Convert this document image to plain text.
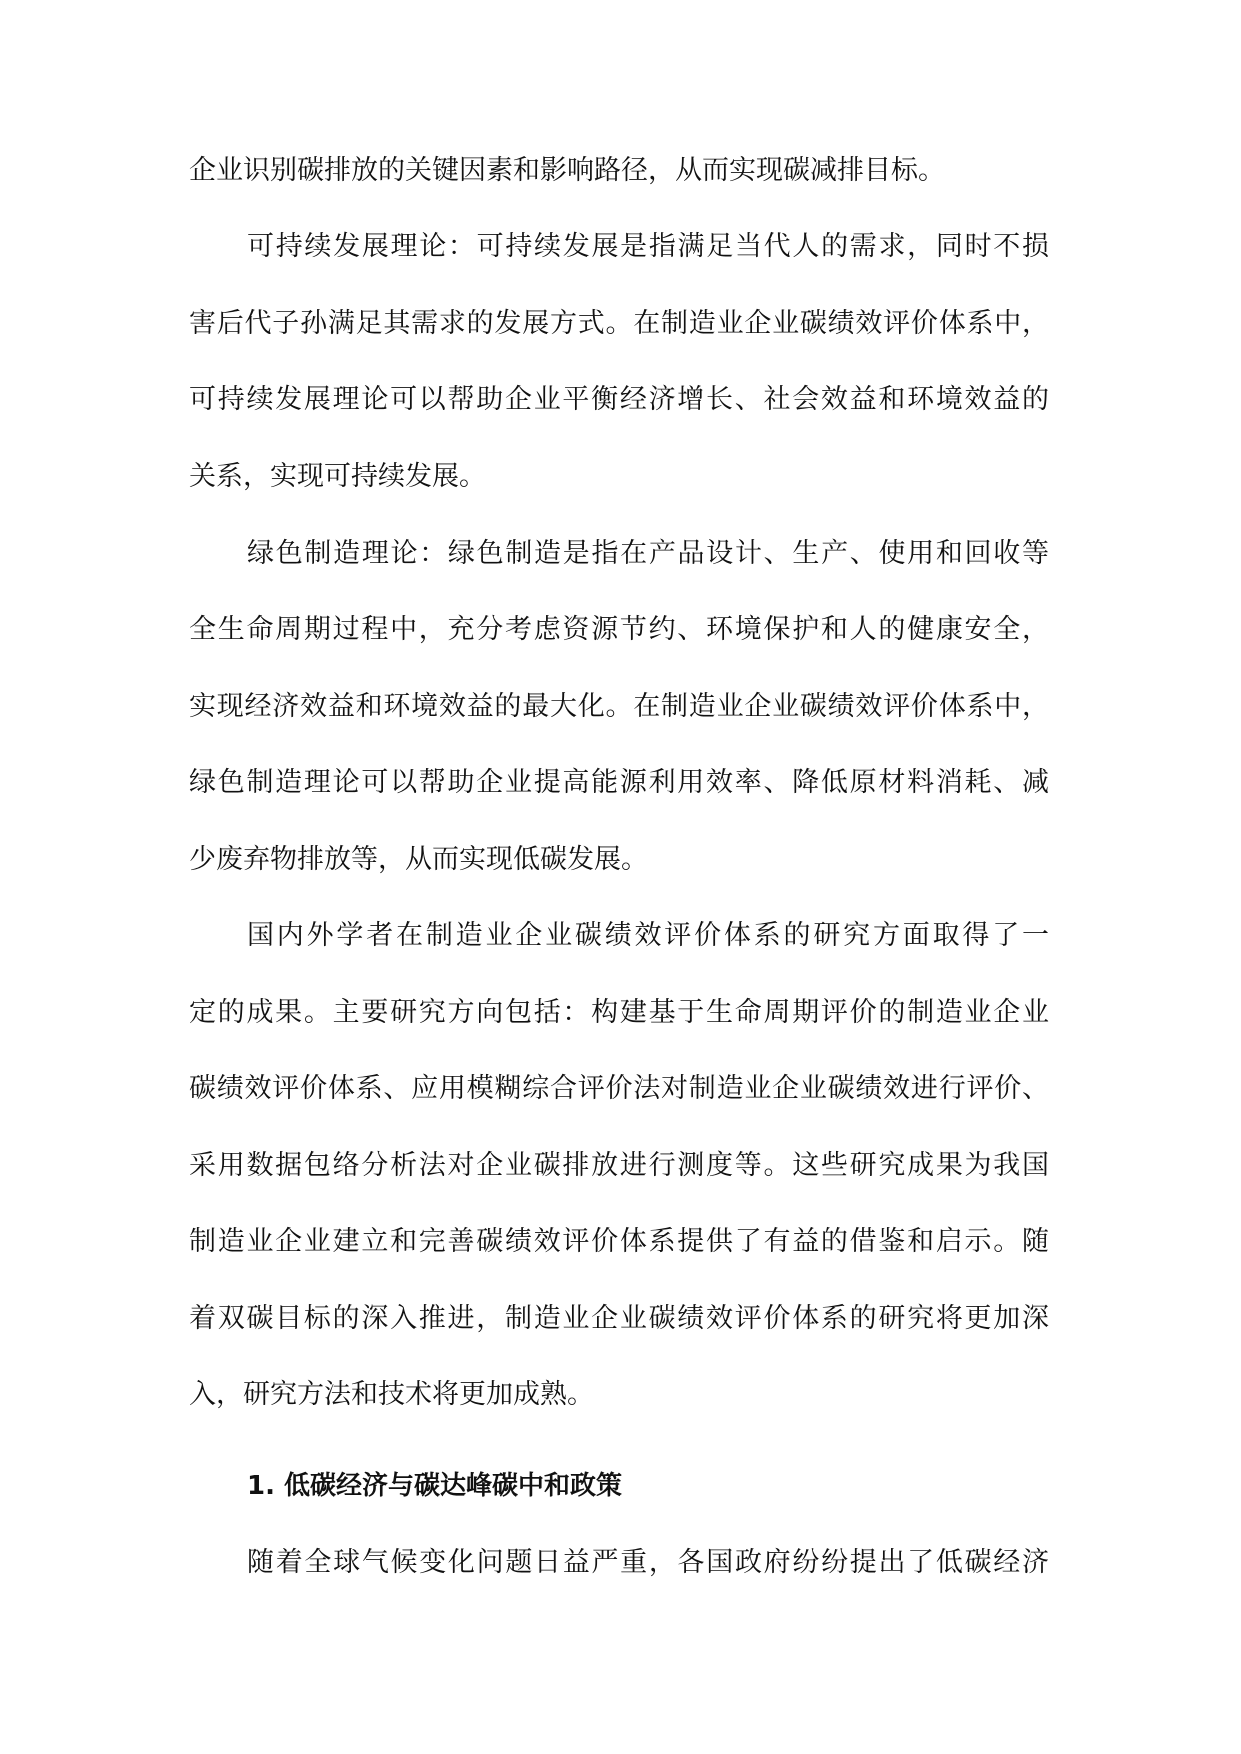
企业识别碳排放的关键因素和影响路径，从而实现碳减排目标。
可持续发展理论：可持续发展是指满足当代人的需求，同时不损
害后代子孙满足其需求的发展方式。在制造业企业碳绩效评价体系中，
可持续发展理论可以帮助企业平衡经济增长、社会效益和环境效益的
关系，实现可持续发展。
绿色制造理论：绿色制造是指在产品设计、生产、使用和回收等
全生命周期过程中，充分考虑资源节约、环境保护和人的健康安全，
实现经济效益和环境效益的最大化。在制造业企业碳绩效评价体系中，
绿色制造理论可以帮助企业提高能源利用效率、降低原材料消耗、减
少废弃物排放等，从而实现低碳发展。
国内外学者在制造业企业碳绩效评价体系的研究方面取得了一
定的成果。主要研究方向包括：构建基于生命周期评价的制造业企业
碳绩效评价体系、应用模糊综合评价法对制造业企业碳绩效进行评价、
采用数据包络分析法对企业碳排放进行测度等。这些研究成果为我国
制造业企业建立和完善碳绩效评价体系提供了有益的借鉴和启示。随
着双碳目标的深入推进，制造业企业碳绩效评价体系的研究将更加深
入，研究方法和技术将更加成熟。
1. 低碳经济与碳达峰碳中和政策
随着全球气候变化问题日益严重，各国政府纷纷提出了低碳经济
